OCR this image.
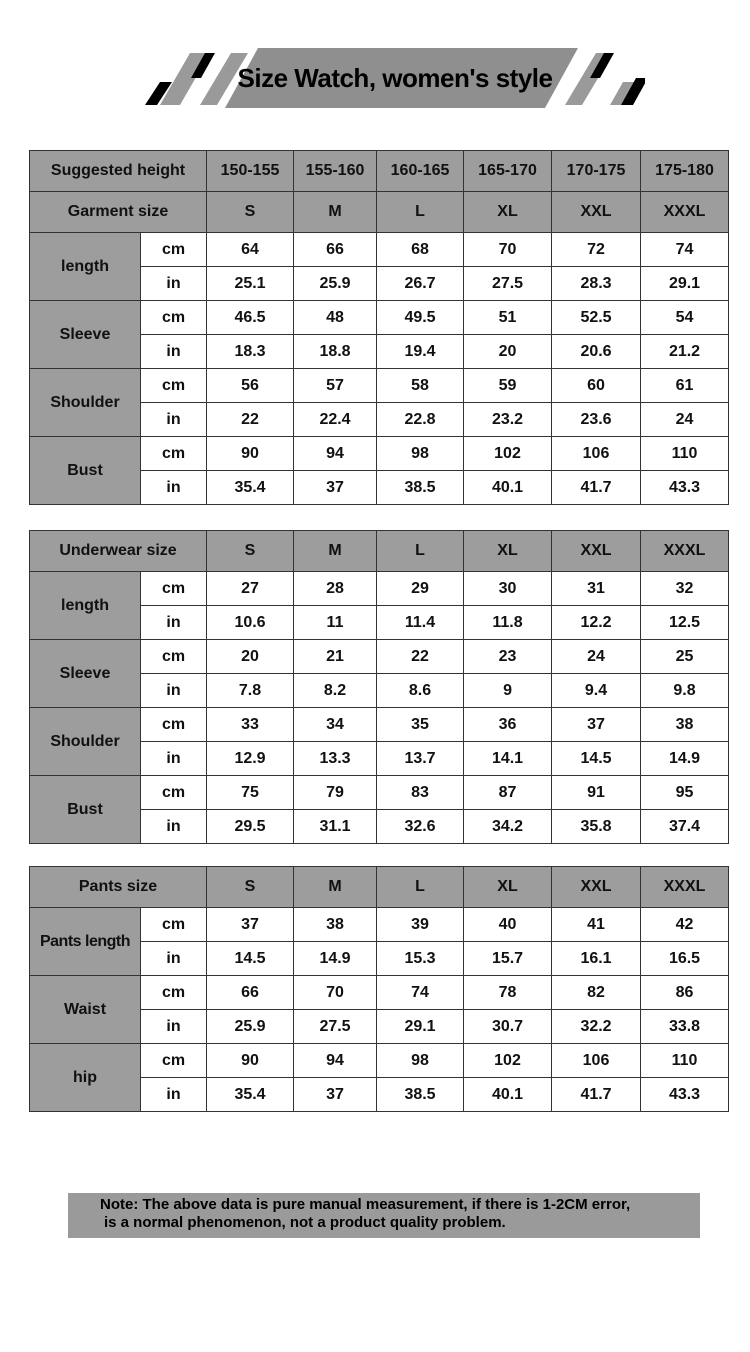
Size Watch, women's style
Suggested height		150-155	155-160	160-165	165-170	170-175	175-180
Garment size		S	M	L	XL	XXL	XXXL
length	cm	64	66	68	70	72	74
	in	25.1	25.9	26.7	27.5	28.3	29.1
Sleeve	cm	46.5	48	49.5	51	52.5	54
	in	18.3	18.8	19.4	20	20.6	21.2
Shoulder	cm	56	57	58	59	60	61
	in	22	22.4	22.8	23.2	23.6	24
Bust	cm	90	94	98	102	106	110
	in	35.4	37	38.5	40.1	41.7	43.3
Underwear size		S	M	L	XL	XXL	XXXL
length	cm	27	28	29	30	31	32
	in	10.6	11	11.4	11.8	12.2	12.5
Sleeve	cm	20	21	22	23	24	25
	in	7.8	8.2	8.6	9	9.4	9.8
Shoulder	cm	33	34	35	36	37	38
	in	12.9	13.3	13.7	14.1	14.5	14.9
Bust	cm	75	79	83	87	91	95
	in	29.5	31.1	32.6	34.2	35.8	37.4
Pants size		S	M	L	XL	XXL	XXXL
Pants length	cm	37	38	39	40	41	42
	in	14.5	14.9	15.3	15.7	16.1	16.5
Waist	cm	66	70	74	78	82	86
	in	25.9	27.5	29.1	30.7	32.2	33.8
hip	cm	90	94	98	102	106	110
	in	35.4	37	38.5	40.1	41.7	43.3
Note: The above data is pure manual measurement, if there is 1-2CM error,
is a normal phenomenon, not a product quality problem.
